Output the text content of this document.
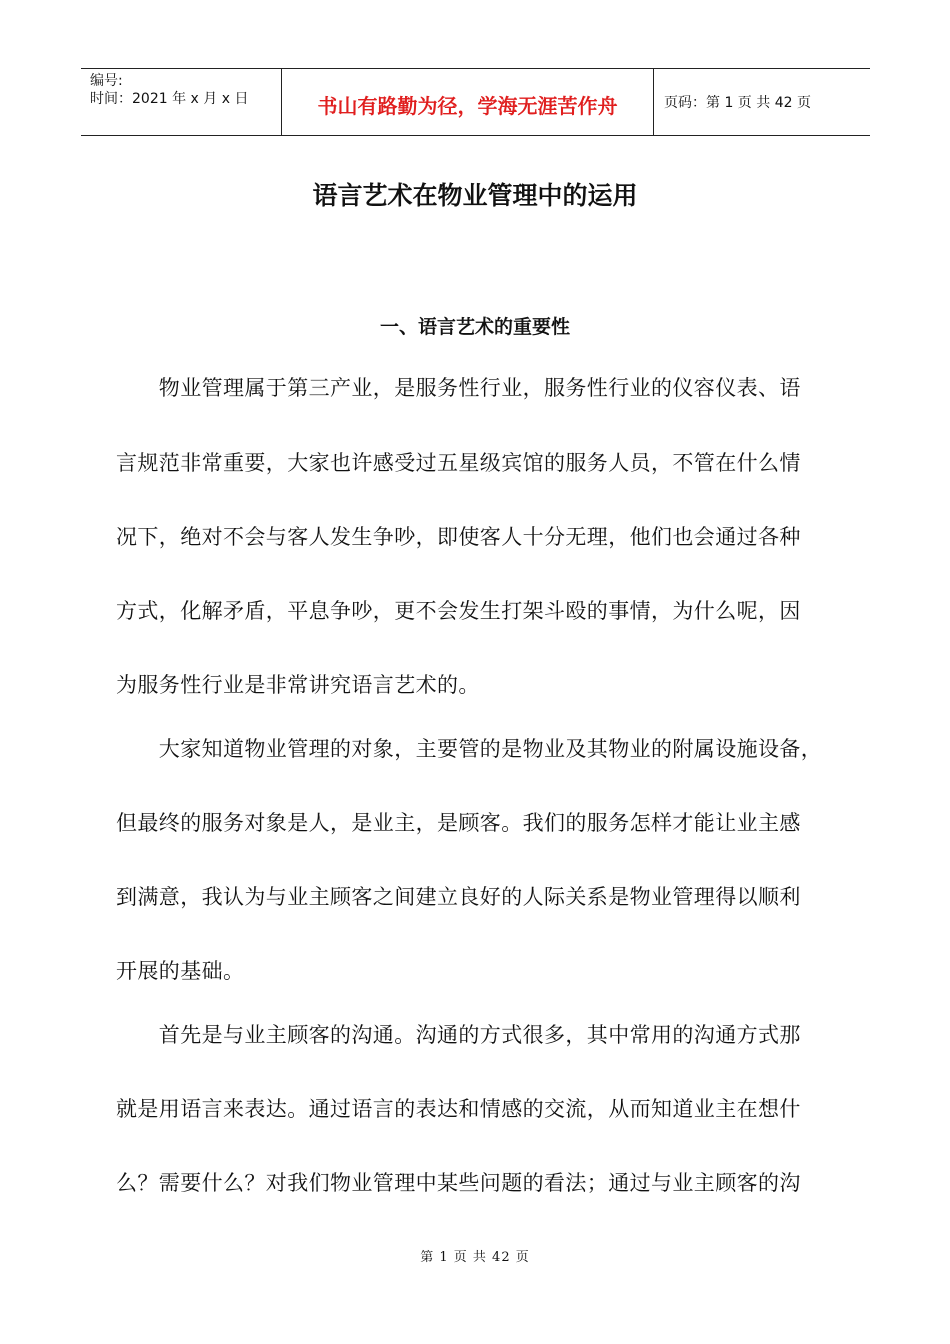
编号:
时间：2021 年 x 月 x 日	书山有路勤为径，学海无涯苦作舟	页码：第 1 页 共 42 页
语言艺术在物业管理中的运用
一、语言艺术的重要性

　　物业管理属于第三产业，是服务性行业，服务性行业的仪容仪表、语

言规范非常重要，大家也许感受过五星级宾馆的服务人员，不管在什么情

况下，绝对不会与客人发生争吵，即使客人十分无理，他们也会通过各种

方式，化解矛盾，平息争吵，更不会发生打架斗殴的事情，为什么呢，因

为服务性行业是非常讲究语言艺术的。

　　大家知道物业管理的对象，主要管的是物业及其物业的附属设施设备，

但最终的服务对象是人，是业主，是顾客。我们的服务怎样才能让业主感

到满意，我认为与业主顾客之间建立良好的人际关系是物业管理得以顺利

开展的基础。

　　首先是与业主顾客的沟通。沟通的方式很多，其中常用的沟通方式那

就是用语言来表达。通过语言的表达和情感的交流，从而知道业主在想什

么？需要什么？对我们物业管理中某些问题的看法；通过与业主顾客的沟

第 1 页 共 42 页
